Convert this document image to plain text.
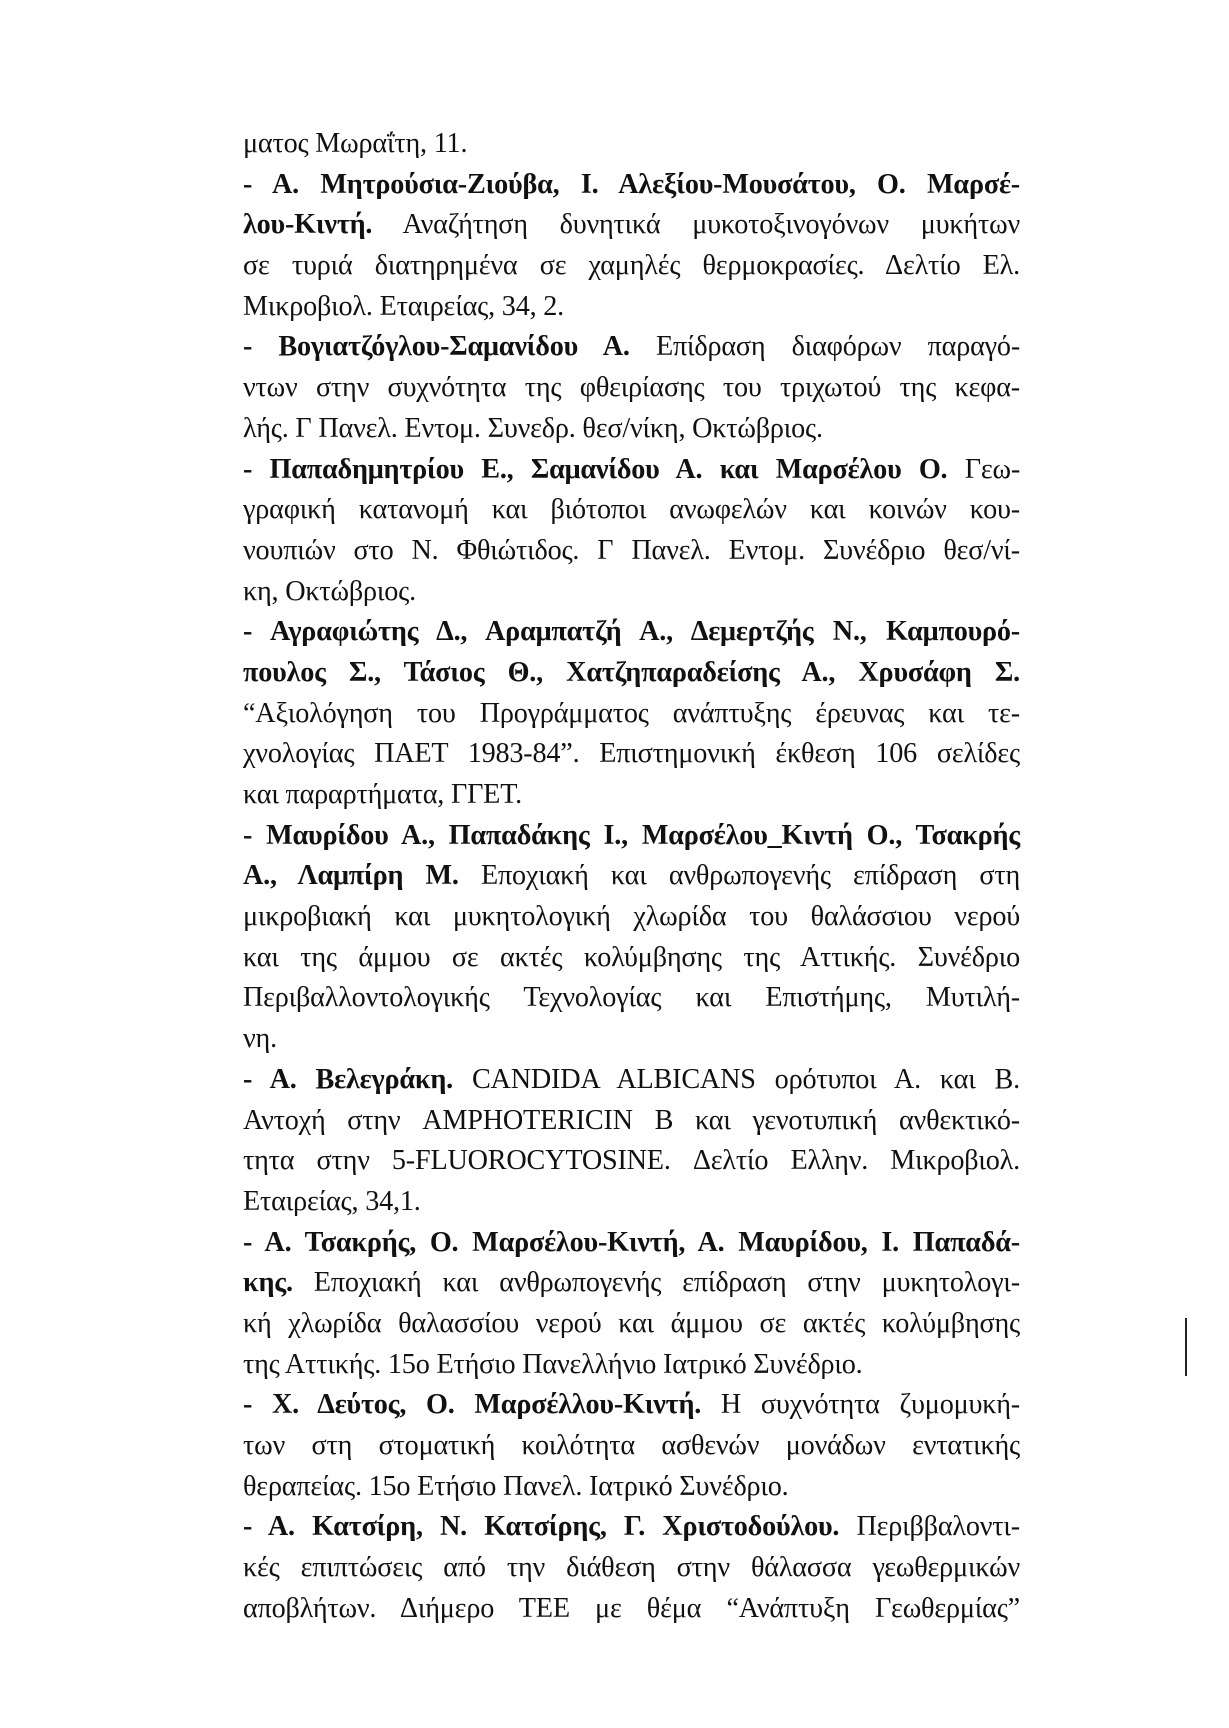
ματος Μωραΐτη, 11.
- Α. Μητρούσια-Ζιούβα, Ι. Αλεξίου-Μουσάτου, Ο. Μαρσέ-
λου-Κιντή. Αναζήτηση δυνητικά μυκοτοξινογόνων μυκήτων
σε τυριά διατηρημένα σε χαμηλές θερμοκρασίες. Δελτίο Ελ.
Μικροβιολ. Εταιρείας, 34, 2.
- Βογιατζόγλου-Σαμανίδου Α. Επίδραση διαφόρων παραγό-
ντων στην συχνότητα της φθειρίασης του τριχωτού της κεφα-
λής. Γ Πανελ. Εντομ. Συνεδρ. θεσ/νίκη, Οκτώβριος.
- Παπαδημητρίου Ε., Σαμανίδου Α. και Μαρσέλου Ο. Γεω-
γραφική κατανομή και βιότοποι ανωφελών και κοινών κου-
νουπιών στο Ν. Φθιώτιδος. Γ Πανελ. Εντομ. Συνέδριο θεσ/νί-
κη, Οκτώβριος.
- Αγραφιώτης Δ., Αραμπατζή Α., Δεμερτζής Ν., Καμπουρό-
πουλος Σ., Τάσιος Θ., Χατζηπαραδείσης Α., Χρυσάφη Σ.
“Αξιολόγηση του Προγράμματος ανάπτυξης έρευνας και τε-
χνολογίας ΠΑΕΤ 1983-84”. Επιστημονική έκθεση 106 σελίδες
και παραρτήματα, ΓΓΕΤ.
- Μαυρίδου Α., Παπαδάκης Ι., Μαρσέλου_Κιντή Ο., Τσακρής
Α., Λαμπίρη Μ. Εποχιακή και ανθρωπογενής επίδραση στη
μικροβιακή και μυκητολογική χλωρίδα του θαλάσσιου νερού
και της άμμου σε ακτές κολύμβησης της Αττικής. Συνέδριο
Περιβαλλοντολογικής Τεχνολογίας και Επιστήμης, Μυτιλή-
νη.
- Α. Βελεγράκη. CANDIDA ALBICANS ορότυποι Α. και Β.
Αντοχή στην AMPHOTERICIN B και γενοτυπική ανθεκτικό-
τητα στην 5-FLUOROCYTOSINE. Δελτίο Ελλην. Μικροβιολ.
Εταιρείας, 34,1.
- Α. Τσακρής, Ο. Μαρσέλου-Κιντή, Α. Μαυρίδου, Ι. Παπαδά-
κης. Εποχιακή και ανθρωπογενής επίδραση στην μυκητολογι-
κή χλωρίδα θαλασσίου νερού και άμμου σε ακτές κολύμβησης
της Αττικής. 15ο Ετήσιο Πανελλήνιο Ιατρικό Συνέδριο.
- Χ. Δεύτος, Ο. Μαρσέλλου-Κιντή. Η συχνότητα ζυμομυκή-
των στη στοματική κοιλότητα ασθενών μονάδων εντατικής
θεραπείας. 15ο Ετήσιο Πανελ. Ιατρικό Συνέδριο.
- Α. Κατσίρη, Ν. Κατσίρης, Γ. Χριστοδούλου. Περιββαλοντι-
κές επιπτώσεις από την διάθεση στην θάλασσα γεωθερμικών
αποβλήτων. Διήμερο ΤΕΕ με θέμα “Ανάπτυξη Γεωθερμίας”
